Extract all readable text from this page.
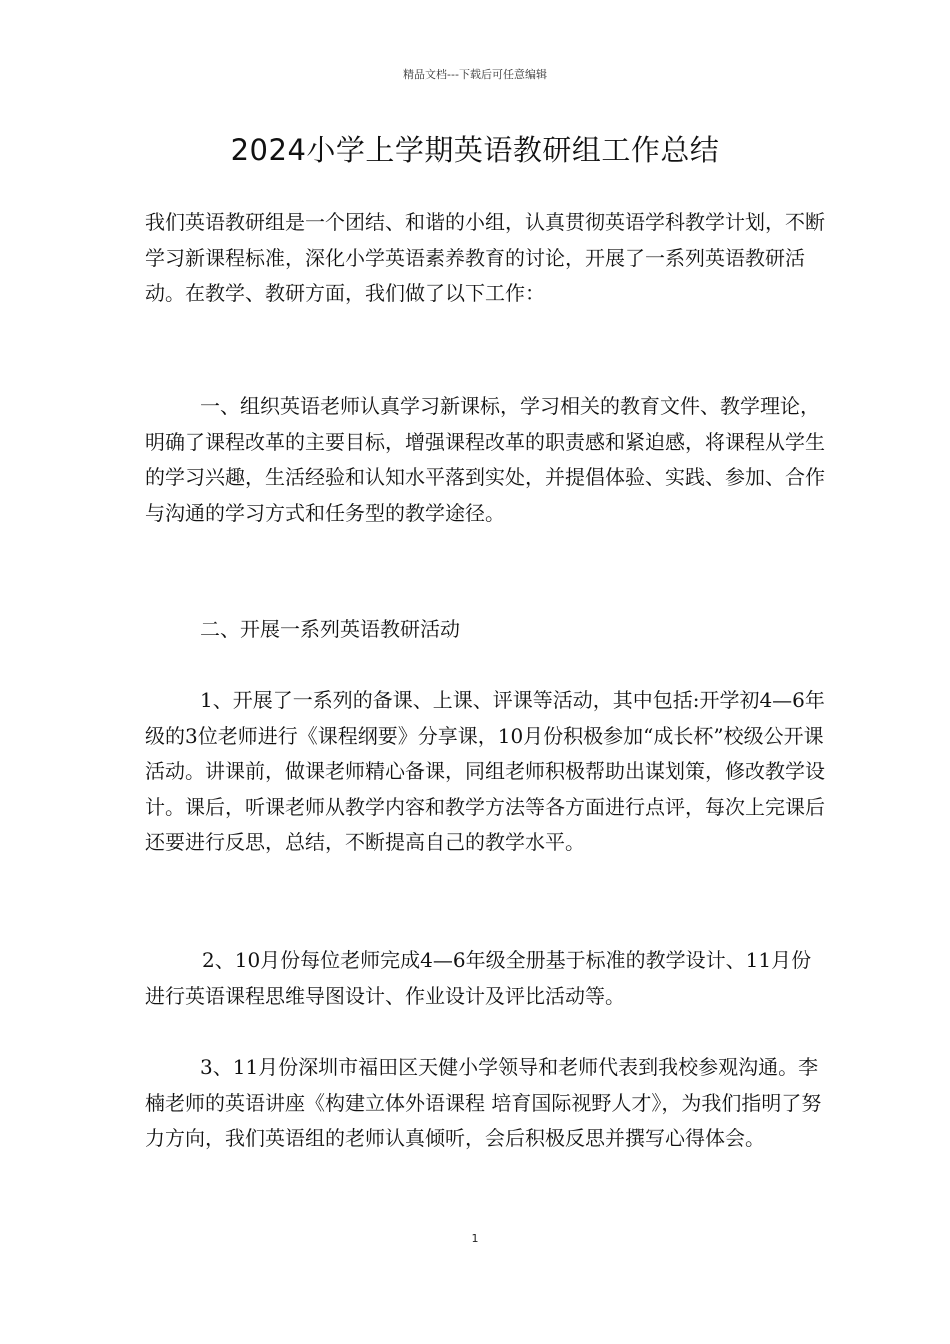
精品文档---下载后可任意编辑
2024小学上学期英语教研组工作总结

我们英语教研组是一个团结、和谐的小组，认真贯彻英语学科教学计划，不断学习新课程标准，深化小学英语素养教育的讨论，开展了一系列英语教研活动。在教学、教研方面，我们做了以下工作：

一、组织英语老师认真学习新课标，学习相关的教育文件、教学理论，明确了课程改革的主要目标，增强课程改革的职责感和紧迫感，将课程从学生的学习兴趣，生活经验和认知水平落到实处，并提倡体验、实践、参加、合作与沟通的学习方式和任务型的教学途径。

二、开展一系列英语教研活动

1、开展了一系列的备课、上课、评课等活动，其中包括:开学初4—6年级的3位老师进行《课程纲要》分享课，10月份积极参加“成长杯”校级公开课活动。讲课前，做课老师精心备课，同组老师积极帮助出谋划策，修改教学设计。课后，听课老师从教学内容和教学方法等各方面进行点评，每次上完课后还要进行反思，总结，不断提高自己的教学水平。

2、10月份每位老师完成4—6年级全册基于标准的教学设计、11月份进行英语课程思维导图设计、作业设计及评比活动等。

3、11月份深圳市福田区天健小学领导和老师代表到我校参观沟通。李楠老师的英语讲座《构建立体外语课程 培育国际视野人才》，为我们指明了努力方向，我们英语组的老师认真倾听，会后积极反思并撰写心得体会。

1
